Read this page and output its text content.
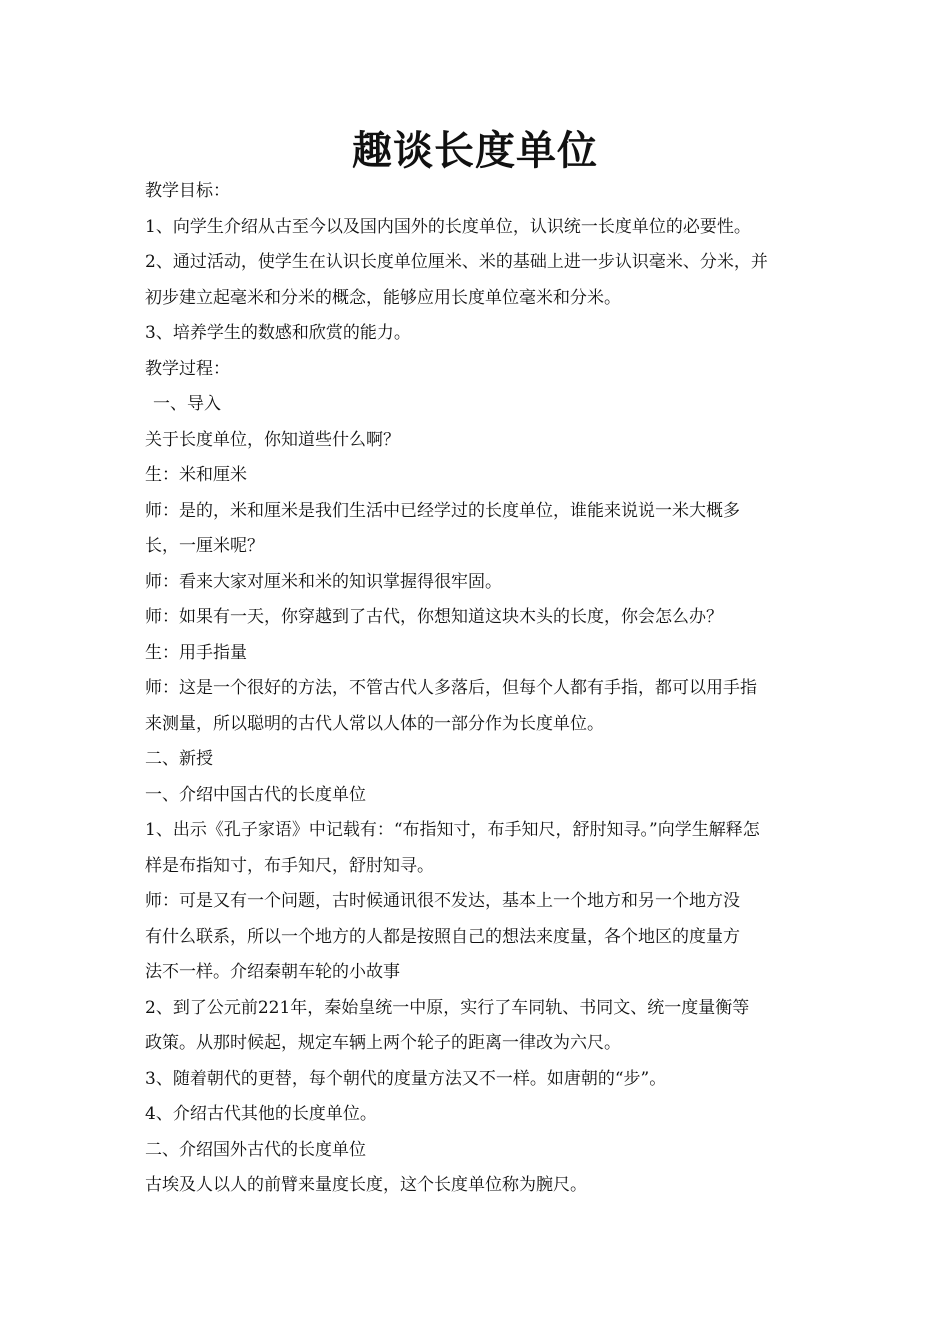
趣谈长度单位

教学目标：

1、向学生介绍从古至今以及国内国外的长度单位，认识统一长度单位的必要性。

2、通过活动，使学生在认识长度单位厘米、米的基础上进一步认识毫米、分米，并

初步建立起毫米和分米的概念，能够应用长度单位毫米和分米。

3、培养学生的数感和欣赏的能力。

教学过程：

一、导入

关于长度单位，你知道些什么啊？

生：米和厘米

师：是的，米和厘米是我们生活中已经学过的长度单位，谁能来说说一米大概多

长，一厘米呢？

师：看来大家对厘米和米的知识掌握得很牢固。

师：如果有一天，你穿越到了古代，你想知道这块木头的长度，你会怎么办？

生：用手指量

师：这是一个很好的方法，不管古代人多落后，但每个人都有手指，都可以用手指

来测量，所以聪明的古代人常以人体的一部分作为长度单位。

二、新授

一、介绍中国古代的长度单位

1、出示《孔子家语》中记载有：“布指知寸，布手知尺，舒肘知寻。”向学生解释怎

样是布指知寸，布手知尺，舒肘知寻。

师：可是又有一个问题，古时候通讯很不发达，基本上一个地方和另一个地方没

有什么联系，所以一个地方的人都是按照自己的想法来度量，各个地区的度量方

法不一样。介绍秦朝车轮的小故事

2、到了公元前221年，秦始皇统一中原，实行了车同轨、书同文、统一度量衡等

政策。从那时候起，规定车辆上两个轮子的距离一律改为六尺。

3、随着朝代的更替，每个朝代的度量方法又不一样。如唐朝的“步”。

4、介绍古代其他的长度单位。

二、介绍国外古代的长度单位

古埃及人以人的前臂来量度长度，这个长度单位称为腕尺。
